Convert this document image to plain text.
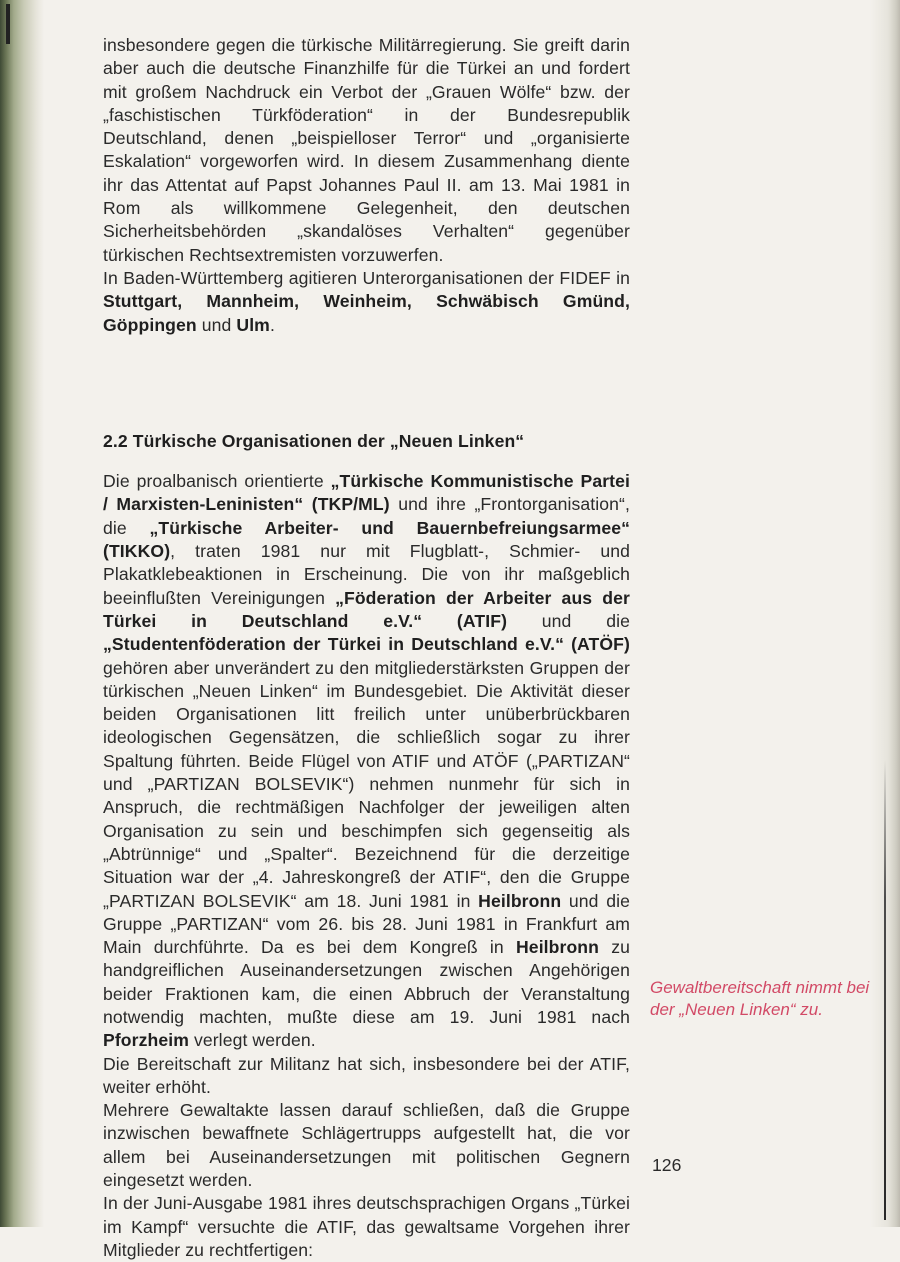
insbesondere gegen die türkische Militärregierung. Sie greift darin aber auch die deutsche Finanzhilfe für die Türkei an und fordert mit großem Nachdruck ein Verbot der „Grauen Wölfe“ bzw. der „faschistischen Türkföderation“ in der Bundesrepublik Deutschland, denen „beispielloser Terror“ und „organisierte Eskalation“ vorgeworfen wird. In diesem Zusammenhang diente ihr das Attentat auf Papst Johannes Paul II. am 13. Mai 1981 in Rom als willkommene Gelegenheit, den deutschen Sicherheitsbehörden „skandalöses Verhalten“ gegenüber türkischen Rechtsextremisten vorzuwerfen.

In Baden-Württemberg agitieren Unterorganisationen der FIDEF in Stuttgart, Mannheim, Weinheim, Schwäbisch Gmünd, Göppingen und Ulm.

2.2 Türkische Organisationen der „Neuen Linken“

Die proalbanisch orientierte „Türkische Kommunistische Partei / Marxisten-Leninisten“ (TKP/ML) und ihre „Frontorganisation“, die „Türkische Arbeiter- und Bauernbefreiungsarmee“ (TIKKO), traten 1981 nur mit Flugblatt-, Schmier- und Plakatklebeaktionen in Erscheinung. Die von ihr maßgeblich beeinflußten Vereinigungen „Föderation der Arbeiter aus der Türkei in Deutschland e.V.“ (ATIF) und die „Studentenföderation der Türkei in Deutschland e.V.“ (ATÖF) gehören aber unverändert zu den mitgliederstärksten Gruppen der türkischen „Neuen Linken“ im Bundesgebiet. Die Aktivität dieser beiden Organisationen litt freilich unter unüberbrückbaren ideologischen Gegensätzen, die schließlich sogar zu ihrer Spaltung führten. Beide Flügel von ATIF und ATÖF („PARTIZAN“ und „PARTIZAN BOLSEVIK“) nehmen nunmehr für sich in Anspruch, die rechtmäßigen Nachfolger der jeweiligen alten Organisation zu sein und beschimpfen sich gegenseitig als „Abtrünnige“ und „Spalter“. Bezeichnend für die derzeitige Situation war der „4. Jahreskongreß der ATIF“, den die Gruppe „PARTIZAN BOLSEVIK“ am 18. Juni 1981 in Heilbronn und die Gruppe „PARTIZAN“ vom 26. bis 28. Juni 1981 in Frankfurt am Main durchführte. Da es bei dem Kongreß in Heilbronn zu handgreiflichen Auseinandersetzungen zwischen Angehörigen beider Fraktionen kam, die einen Abbruch der Veranstaltung notwendig machten, mußte diese am 19. Juni 1981 nach Pforzheim verlegt werden.

Die Bereitschaft zur Militanz hat sich, insbesondere bei der ATIF, weiter erhöht.

Mehrere Gewaltakte lassen darauf schließen, daß die Gruppe inzwischen bewaffnete Schlägertrupps aufgestellt hat, die vor allem bei Auseinandersetzungen mit politischen Gegnern eingesetzt werden.

In der Juni-Ausgabe 1981 ihres deutschsprachigen Organs „Türkei im Kampf“ versuchte die ATIF, das gewaltsame Vorgehen ihrer Mitglieder zu rechtfertigen:

Gewaltbereitschaft nimmt bei der „Neuen Linken“ zu.
126
